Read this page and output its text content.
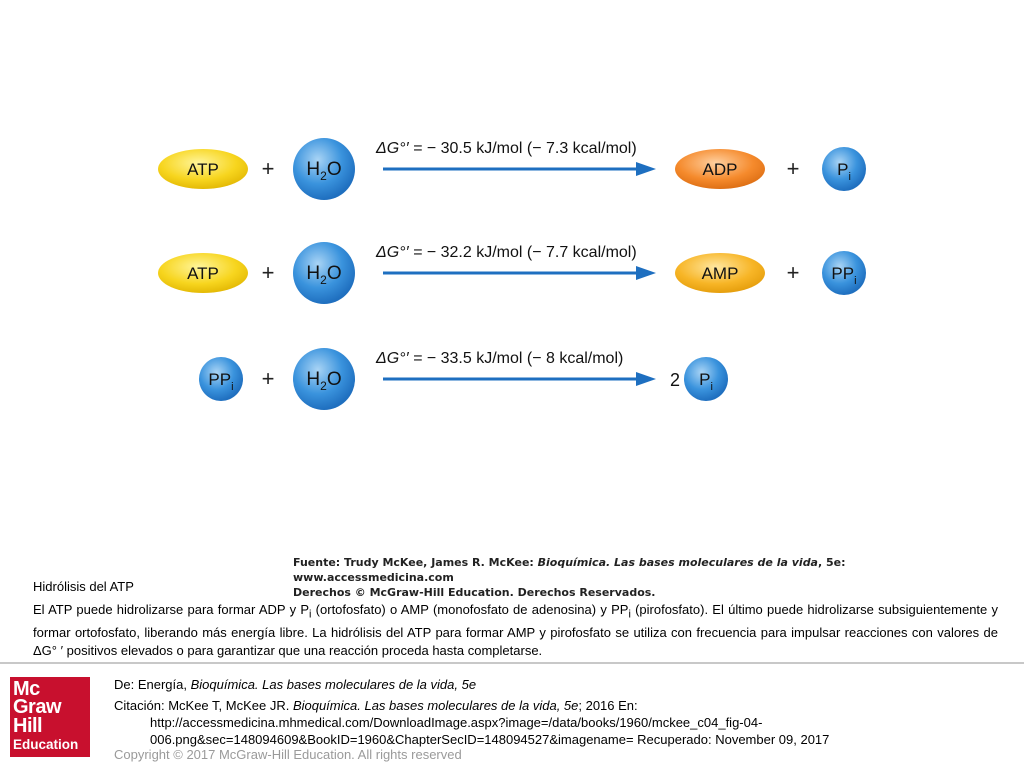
ATP + $H_2O$
ΔG°′ = − 30.5 kJ/mol (− 7.3 kcal/mol)
ADP + $P_i$
ATP + $H_2O$
ΔG°′ = − 32.2 kJ/mol (− 7.7 kcal/mol)
AMP + $PP_i$
$PP_i + H_2O$
ΔG°′ = − 33.5 kJ/mol (− 8 kcal/mol)
2 $P_i$
Fuente: Trudy McKee, James R. McKee: Bioquímica. Las bases moleculares de la vida, 5e: www.accessmedicina.com
Derechos © McGraw-Hill Education. Derechos Reservados.
Hidrólisis del ATP
El ATP puede hidrolizarse para formar ADP y $P_i$ (ortofosfato) o AMP (monofosfato de adenosina) y $PP_i$ (pirofosfato). El último puede hidrolizarse subsiguientemente y formar ortofosfato, liberando más energía libre. La hidrólisis del ATP para formar AMP y pirofosfato se utiliza con frecuencia para impulsar reacciones con valores de ΔG° ′ positivos elevados o para garantizar que una reacción proceda hasta completarse.
Mc
Graw
Hill
Education
De: Energía, Bioquímica. Las bases moleculares de la vida, 5e
Citación: McKee T, McKee JR. Bioquímica. Las bases moleculares de la vida, 5e; 2016 En:
http://accessmedicina.mhmedical.com/DownloadImage.aspx?image=/data/books/1960/mckee_c04_fig-04-
006.png&sec=148094609&BookID=1960&ChapterSecID=148094527&imagename= Recuperado: November 09, 2017
Copyright © 2017 McGraw-Hill Education. All rights reserved
